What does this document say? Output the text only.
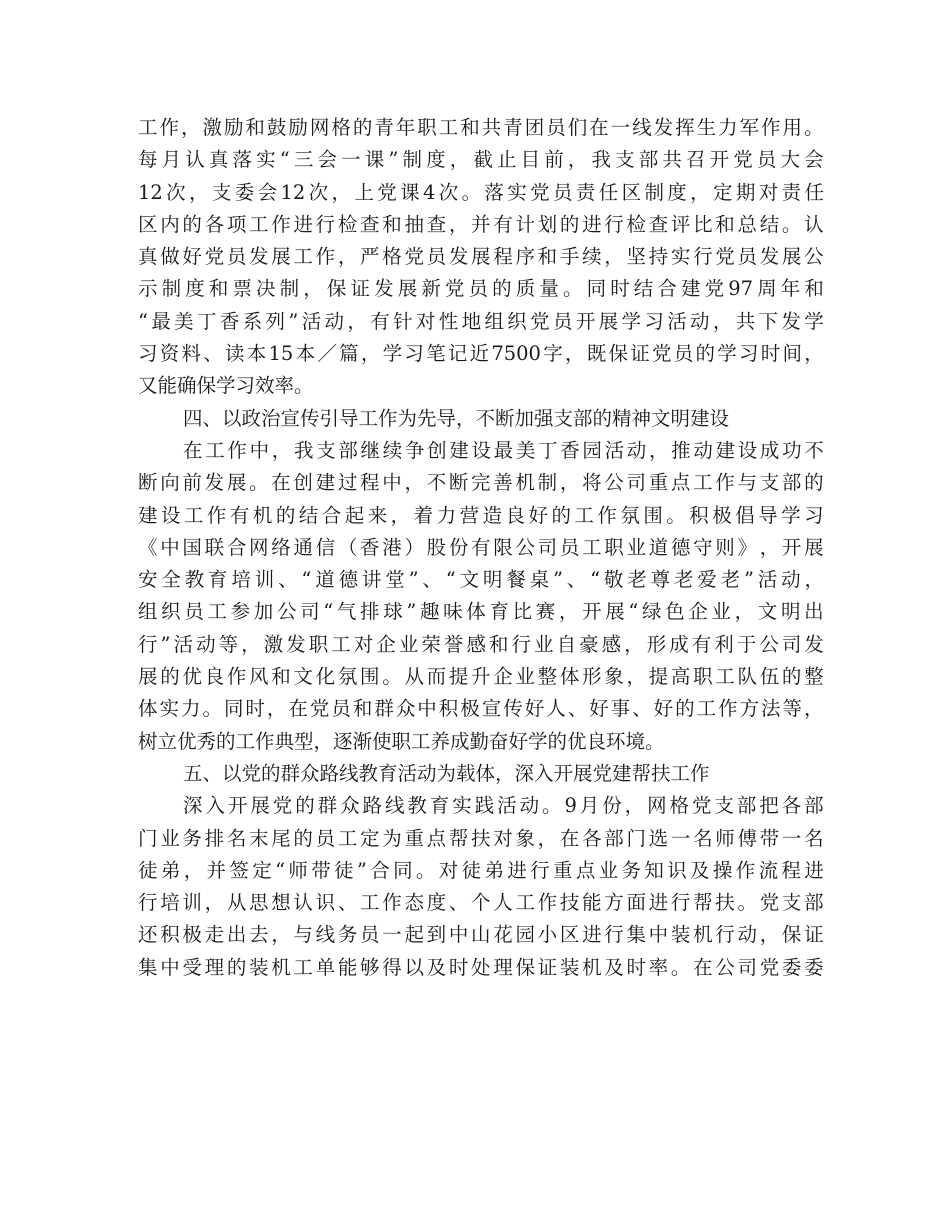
工 作 ， 激 励 和 鼓 励 网 格 的 青 年 职 工 和 共 青 团 员 们 在 一 线 发 挥 生 力 军 作 用 。
每 月 认 真 落 实 “ 三 会 一 课 ” 制 度 ， 截 止 目 前 ， 我 支 部 共 召 开 党 员 大 会
12 次 ， 支 委 会 12 次 ， 上 党 课 4 次 。 落 实 党 员 责 任 区 制 度 ， 定 期 对 责 任
区 内 的 各 项 工 作 进 行 检 查 和 抽 查 ， 并 有 计 划 的 进 行 检 查 评 比 和 总 结 。 认
真 做 好 党 员 发 展 工 作 ， 严 格 党 员 发 展 程 序 和 手 续 ， 坚 持 实 行 党 员 发 展 公
示 制 度 和 票 决 制 ， 保 证 发 展 新 党 员 的 质 量 。 同 时 结 合 建 党 97 周 年 和
“ 最 美 丁 香 系 列 ” 活 动 ， 有 针 对 性 地 组 织 党 员 开 展 学 习 活 动 ， 共 下 发 学
习 资 料 、 读 本 15 本 ／ 篇 ， 学 习 笔 记 近 7500 字 ， 既 保 证 党 员 的 学 习 时 间 ，
又能确保学习效率。
四、以政治宣传引导工作为先导，不断加强支部的精神文明建设
在 工 作 中 ， 我 支 部 继 续 争 创 建 设 最 美 丁 香 园 活 动 ， 推 动 建 设 成 功 不
断 向 前 发 展 。 在 创 建 过 程 中 ， 不 断 完 善 机 制 ， 将 公 司 重 点 工 作 与 支 部 的
建 设 工 作 有 机 的 结 合 起 来 ， 着 力 营 造 良 好 的 工 作 氛 围 。 积 极 倡 导 学 习
《 中 国 联 合 网 络 通 信 （ 香 港 ） 股 份 有 限 公 司 员 工 职 业 道 德 守 则 》 ， 开 展
安 全 教 育 培 训 、 “ 道 德 讲 堂 ” 、 “ 文 明 餐 桌 ” 、 “ 敬 老 尊 老 爱 老 ” 活 动 ，
组 织 员 工 参 加 公 司 “ 气 排 球 ” 趣 味 体 育 比 赛 ， 开 展 “ 绿 色 企 业 ， 文 明 出
行 ” 活 动 等 ， 激 发 职 工 对 企 业 荣 誉 感 和 行 业 自 豪 感 ， 形 成 有 利 于 公 司 发
展 的 优 良 作 风 和 文 化 氛 围 。 从 而 提 升 企 业 整 体 形 象 ， 提 高 职 工 队 伍 的 整
体 实 力 。 同 时 ， 在 党 员 和 群 众 中 积 极 宣 传 好 人 、 好 事 、 好 的 工 作 方 法 等 ，
树立优秀的工作典型，逐渐使职工养成勤奋好学的优良环境。
五、以党的群众路线教育活动为载体，深入开展党建帮扶工作
深 入 开 展 党 的 群 众 路 线 教 育 实 践 活 动 。 9 月 份 ， 网 格 党 支 部 把 各 部
门 业 务 排 名 末 尾 的 员 工 定 为 重 点 帮 扶 对 象 ， 在 各 部 门 选 一 名 师 傅 带 一 名
徒 弟 ， 并 签 定 “ 师 带 徒 ” 合 同 。 对 徒 弟 进 行 重 点 业 务 知 识 及 操 作 流 程 进
行 培 训 ， 从 思 想 认 识 、 工 作 态 度 、 个 人 工 作 技 能 方 面 进 行 帮 扶 。 党 支 部
还 积 极 走 出 去 ， 与 线 务 员 一 起 到 中 山 花 园 小 区 进 行 集 中 装 机 行 动 ， 保 证
集 中 受 理 的 装 机 工 单 能 够 得 以 及 时 处 理 保 证 装 机 及 时 率 。 在 公 司 党 委 委
